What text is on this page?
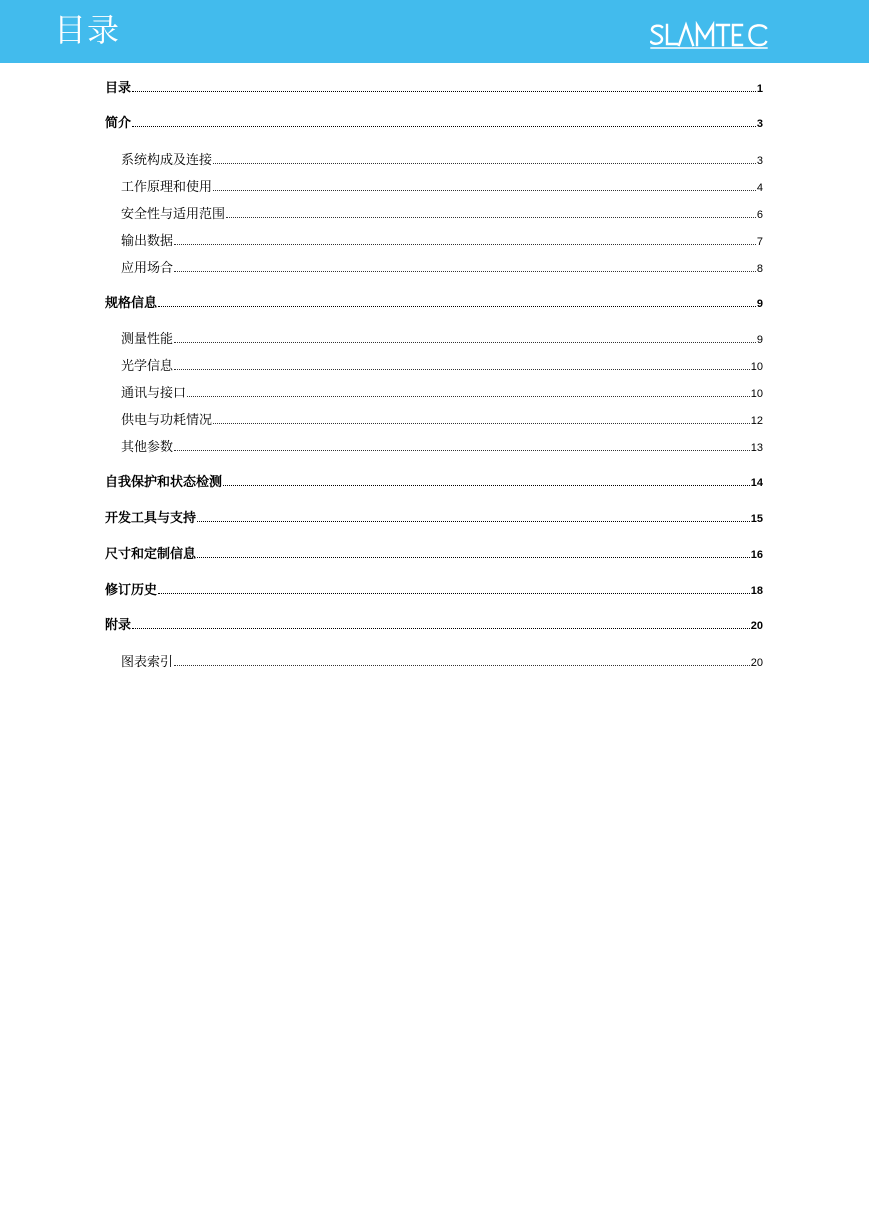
目录
目录	1
简介	3
系统构成及连接	3
工作原理和使用	4
安全性与适用范围	6
输出数据	7
应用场合	8
规格信息	9
测量性能	9
光学信息	10
通讯与接口	10
供电与功耗情况	12
其他参数	13
自我保护和状态检测	14
开发工具与支持	15
尺寸和定制信息	16
修订历史	18
附录	20
图表索引	20
